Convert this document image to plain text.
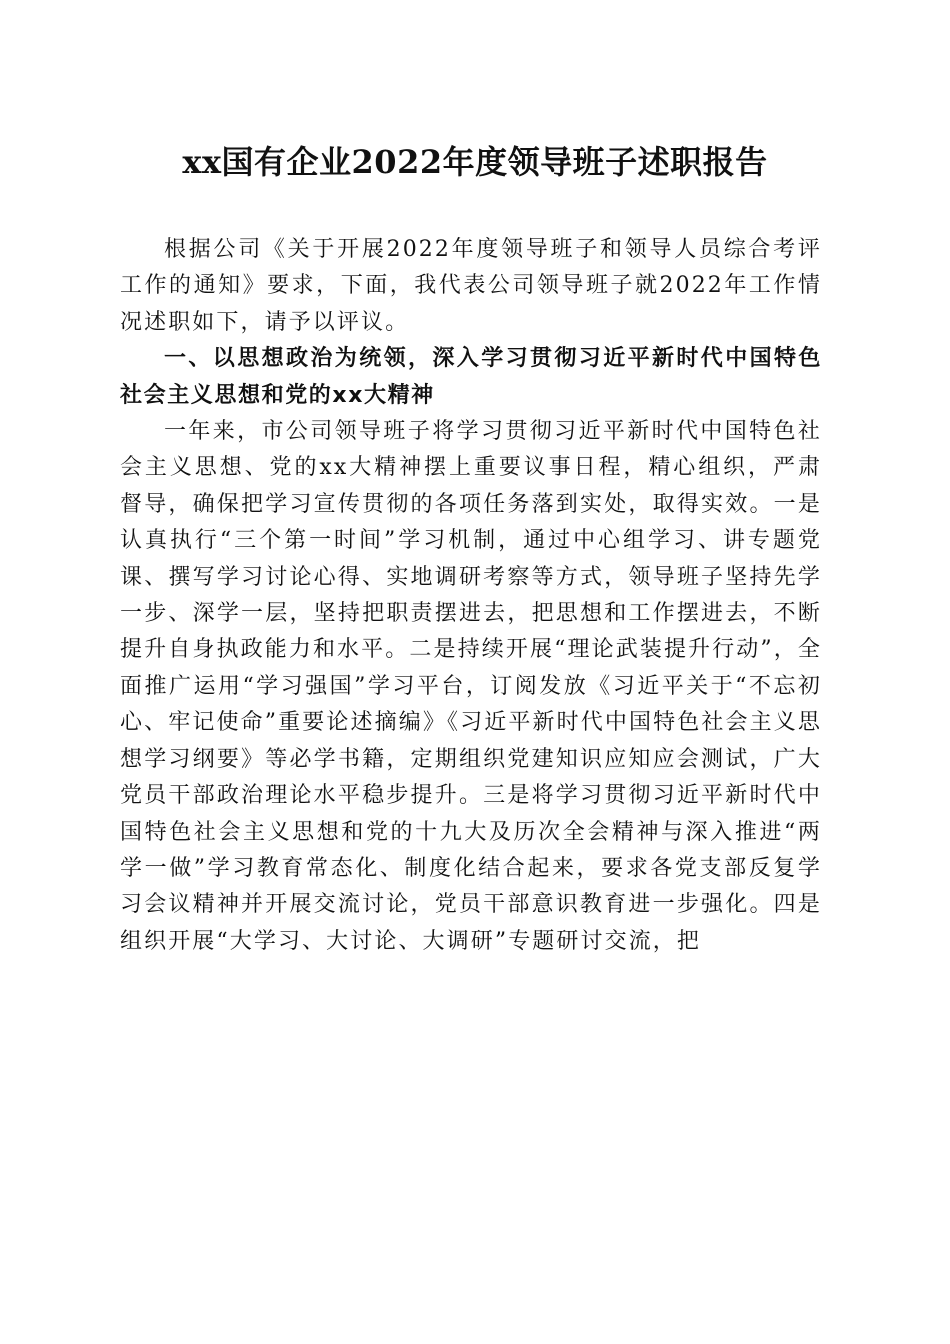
xx国有企业2022年度领导班子述职报告

根据公司《关于开展2022年度领导班子和领导人员综合考评工作的通知》要求，下面，我代表公司领导班子就2022年工作情况述职如下，请予以评议。

一、以思想政治为统领，深入学习贯彻习近平新时代中国特色社会主义思想和党的xx大精神

一年来，市公司领导班子将学习贯彻习近平新时代中国特色社会主义思想、党的xx大精神摆上重要议事日程，精心组织，严肃督导，确保把学习宣传贯彻的各项任务落到实处，取得实效。一是认真执行“三个第一时间”学习机制，通过中心组学习、讲专题党课、撰写学习讨论心得、实地调研考察等方式，领导班子坚持先学一步、深学一层，坚持把职责摆进去，把思想和工作摆进去，不断提升自身执政能力和水平。二是持续开展“理论武装提升行动”，全面推广运用“学习强国”学习平台，订阅发放《习近平关于“不忘初心、牢记使命”重要论述摘编》《习近平新时代中国特色社会主义思想学习纲要》等必学书籍，定期组织党建知识应知应会测试，广大党员干部政治理论水平稳步提升。三是将学习贯彻习近平新时代中国特色社会主义思想和党的十九大及历次全会精神与深入推进“两学一做”学习教育常态化、制度化结合起来，要求各党支部反复学习会议精神并开展交流讨论，党员干部意识教育进一步强化。四是组织开展“大学习、大讨论、大调研”专题研讨交流，把
